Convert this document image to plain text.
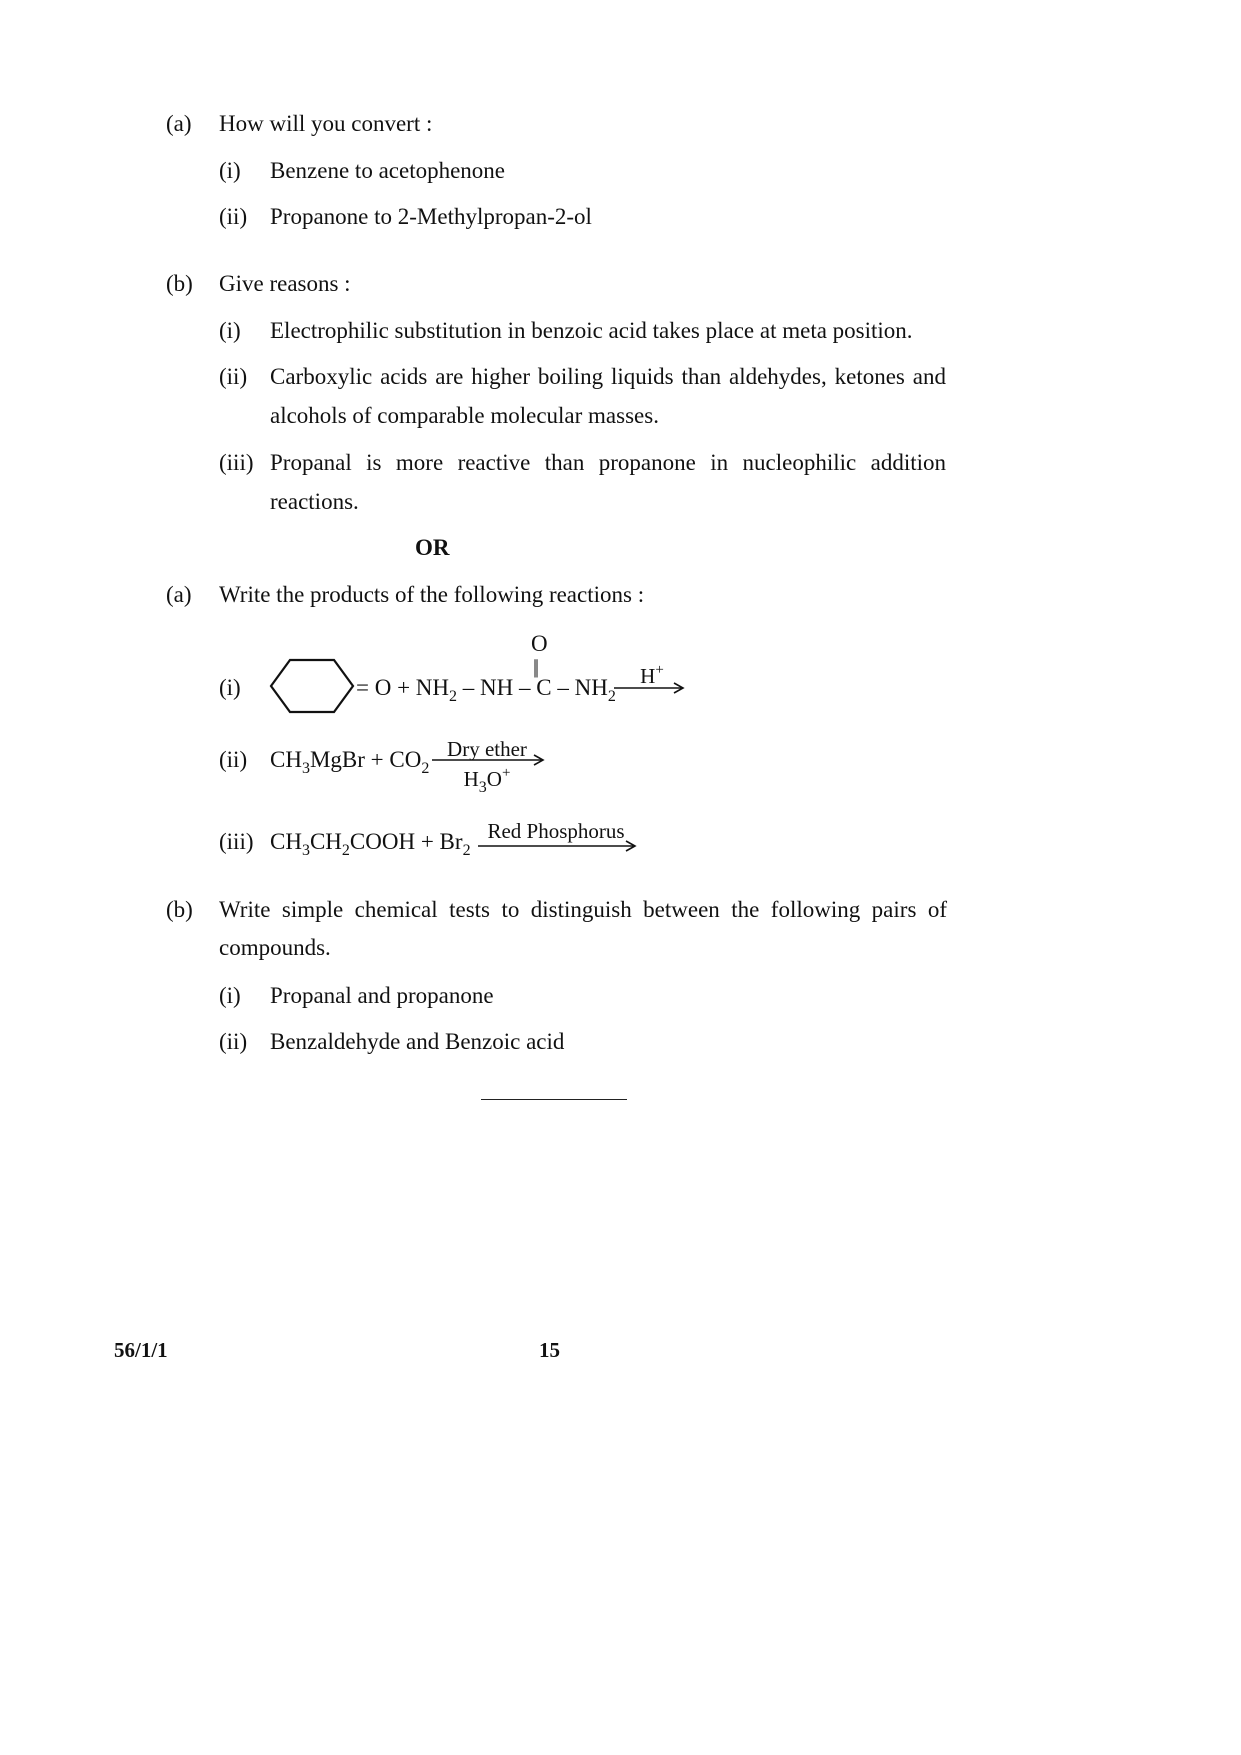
(a) How will you convert :
(i) Benzene to acetophenone
(ii) Propanone to 2-Methylpropan-2-ol
(b) Give reasons :
(i) Electrophilic substitution in benzoic acid takes place at meta position.
(ii) Carboxylic acids are higher boiling liquids than aldehydes, ketones and
alcohols of comparable molecular masses.
(iii) Propanal is more reactive than propanone in nucleophilic addition
reactions.
OR
(a) Write the products of the following reactions :
(i)	= $O + NH_2$ – NH – C – $NH_2$
O
||	H+
(ii) $CH_3MgBr + CO_2$
Dry ether
$H_3O^+$
(iii) $CH_3CH_2COOH + Br_2$
Red Phosphorus
(b) Write simple chemical tests to distinguish between the following pairs of
compounds.
(i) Propanal and propanone
(ii) Benzaldehyde and Benzoic acid
56/1/1	15
